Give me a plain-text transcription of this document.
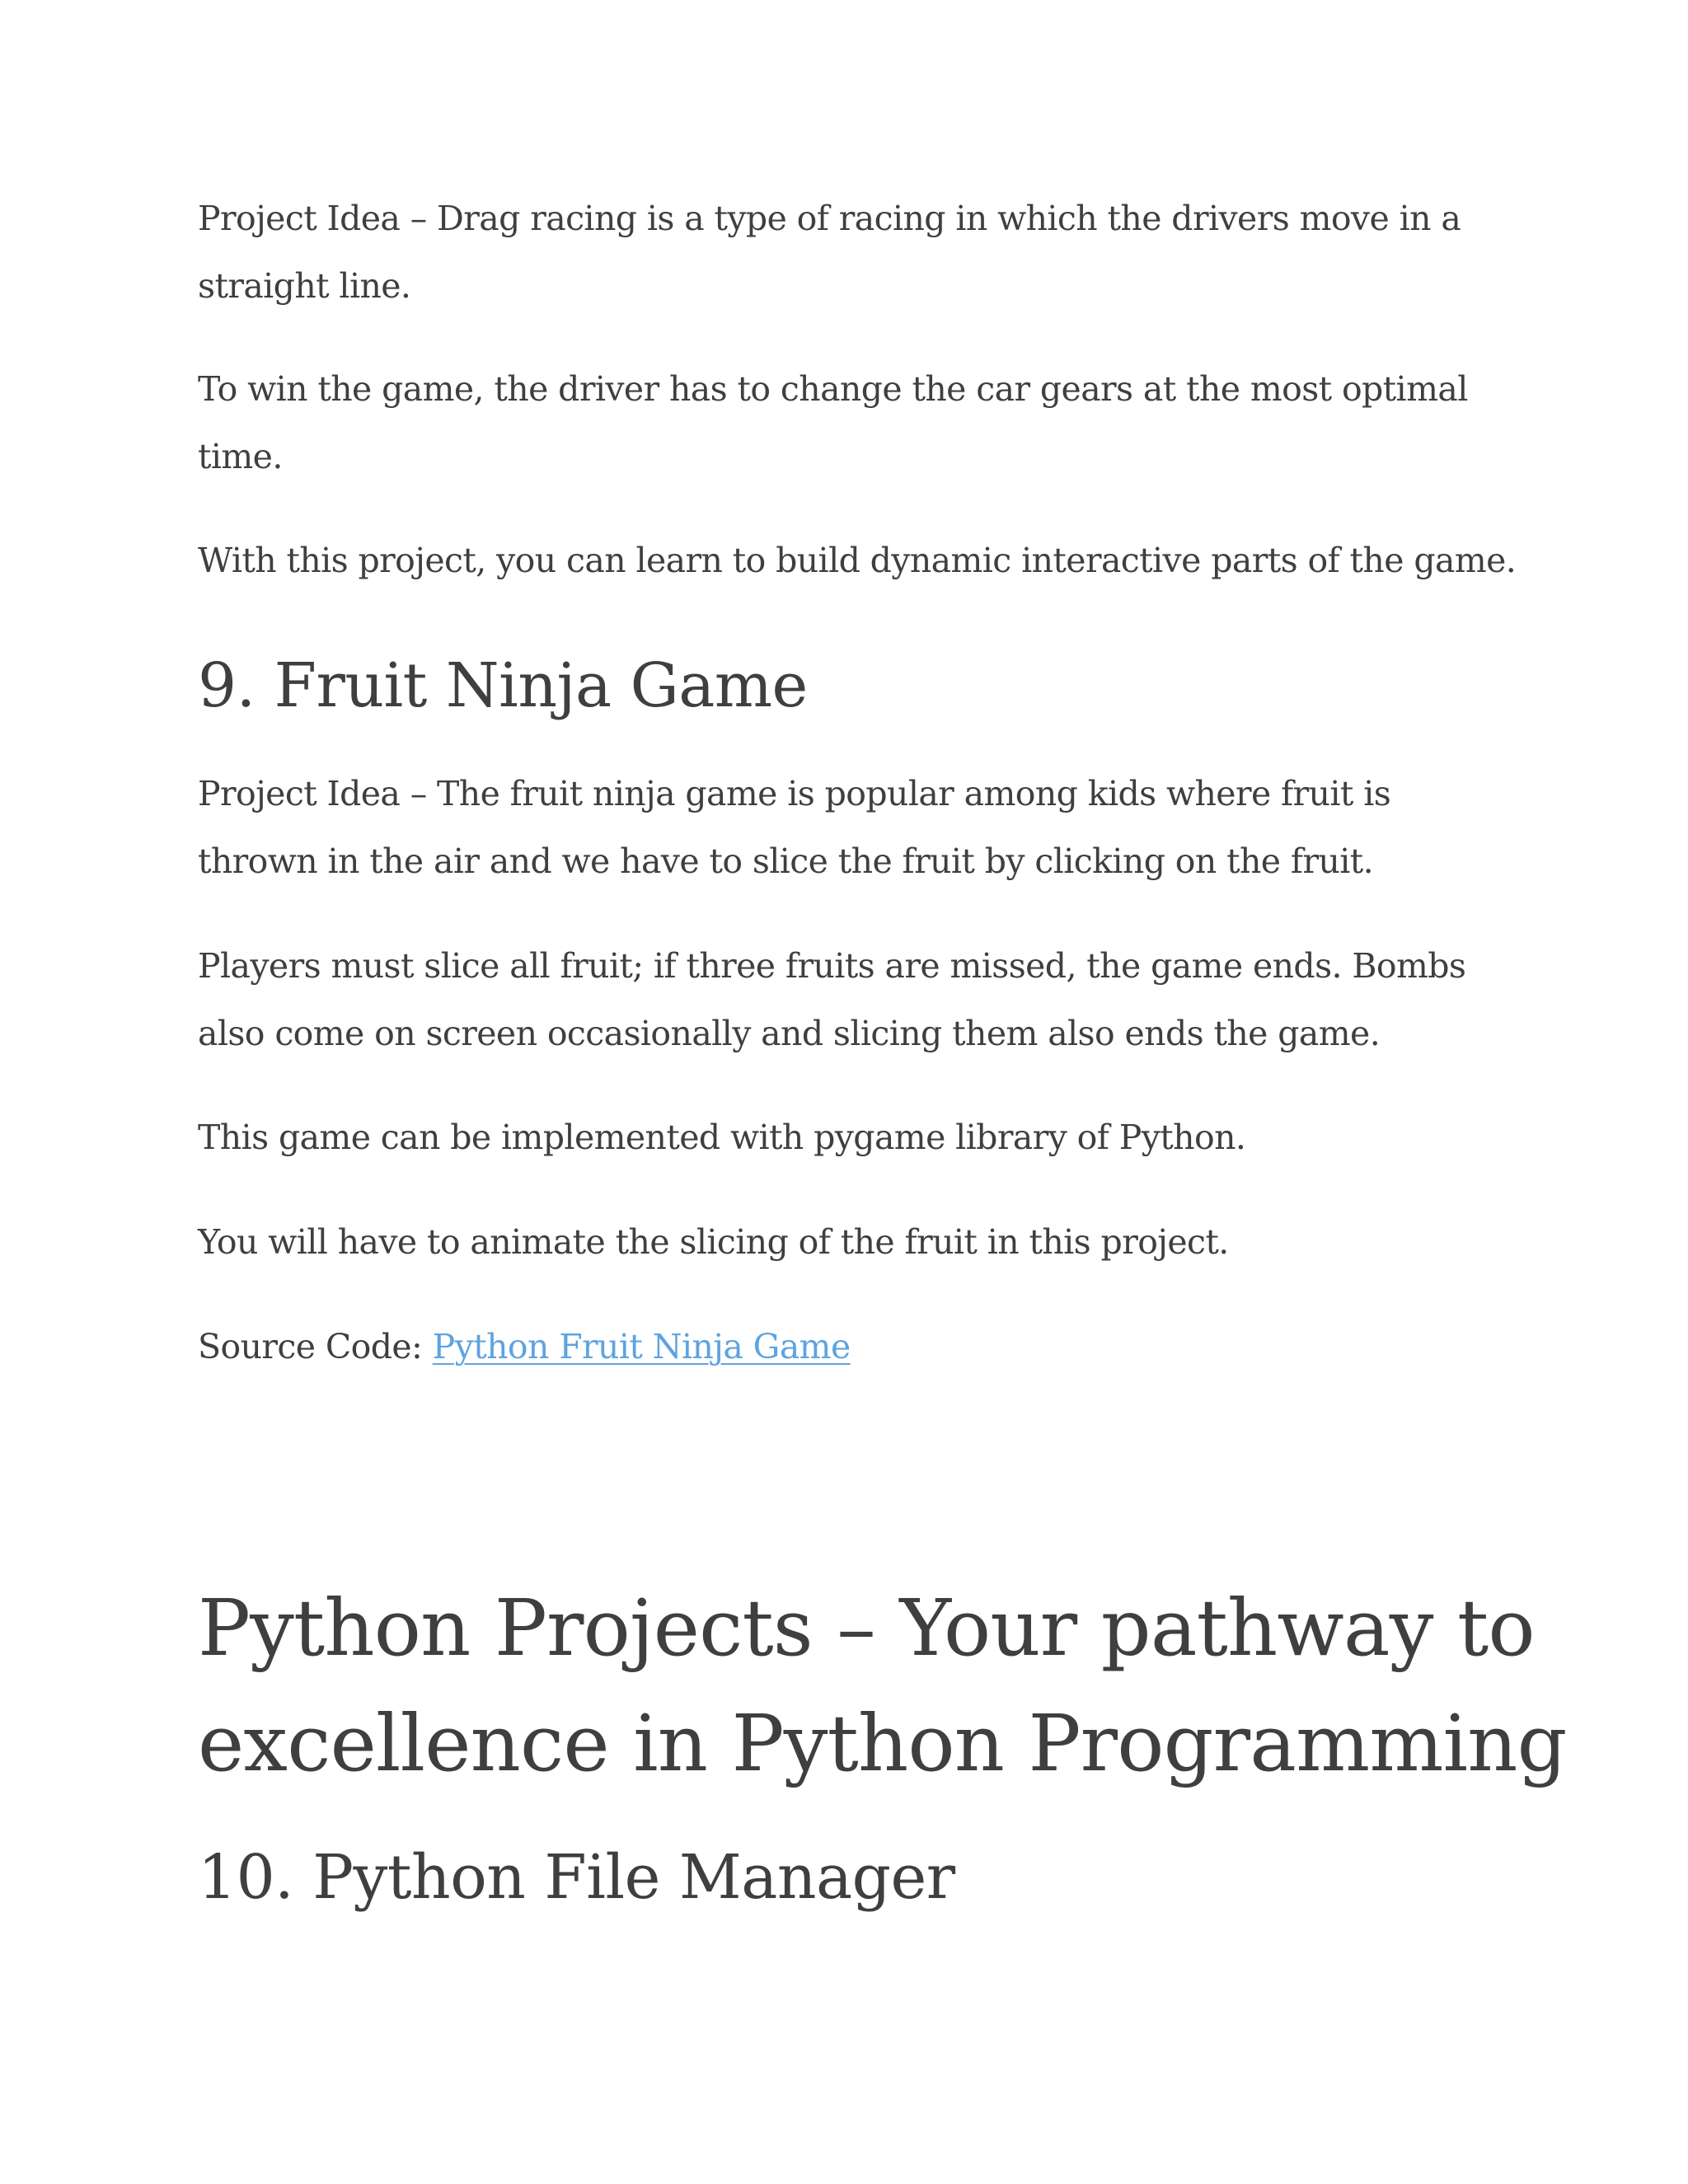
Project Idea – Drag racing is a type of racing in which the drivers move in a

straight line.

To win the game, the driver has to change the car gears at the most optimal

time.

With this project, you can learn to build dynamic interactive parts of the game.

9. Fruit Ninja Game

Project Idea – The fruit ninja game is popular among kids where fruit is

thrown in the air and we have to slice the fruit by clicking on the fruit.

Players must slice all fruit; if three fruits are missed, the game ends. Bombs

also come on screen occasionally and slicing them also ends the game.

This game can be implemented with pygame library of Python.

You will have to animate the slicing of the fruit in this project.

Source Code: Python Fruit Ninja Game

Python Projects – Your pathway to
excellence in Python Programming
10. Python File Manager
